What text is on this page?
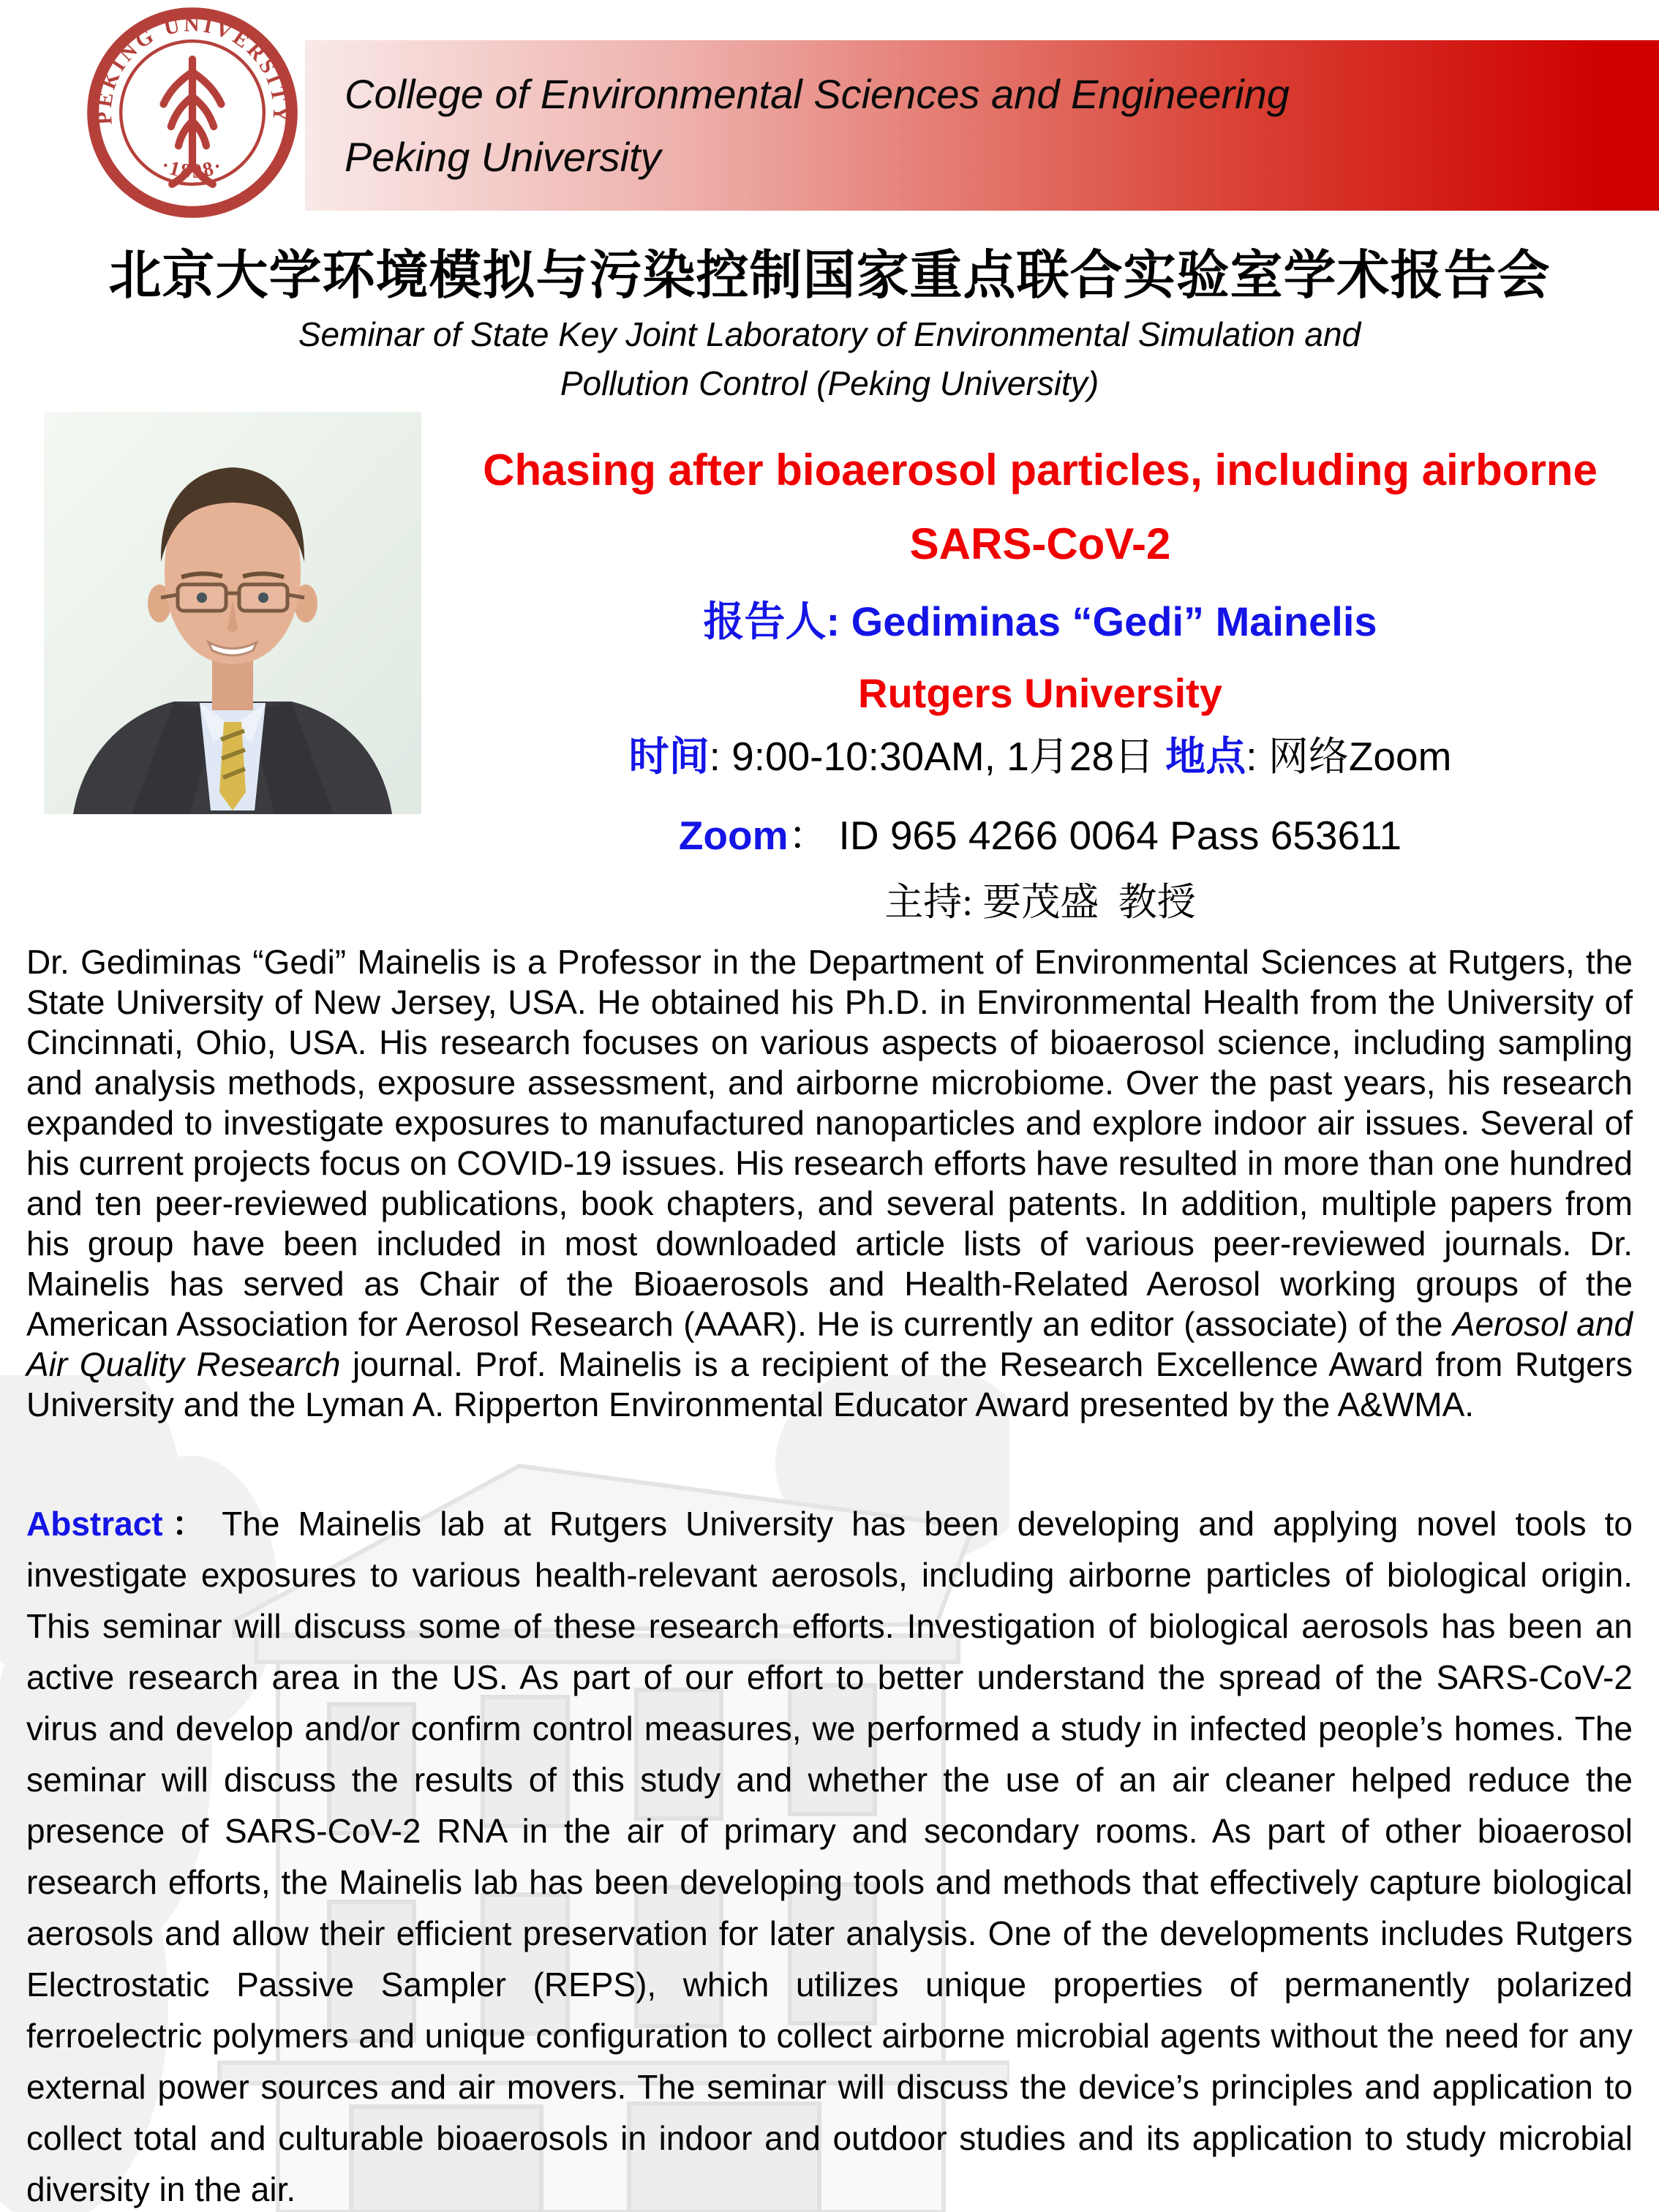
PEKING UNIVERSITY
·1898·
College of Environmental Sciences and Engineering
Peking University
北京大学环境模拟与污染控制国家重点联合实验室学术报告会
Seminar of State Key Joint Laboratory of Environmental Simulation and
Pollution Control (Peking University)
Chasing after bioaerosol particles, including airborne
SARS-CoV-2
报告人: Gediminas “Gedi” Mainelis
Rutgers University
时间: 9:00-10:30AM, 1月28日 地点: 网络Zoom
Zoom： ID 965 4266 0064 Pass 653611
主持: 要茂盛  教授
Dr. Gediminas “Gedi” Mainelis is a Professor in the Department of Environmental Sciences at Rutgers, the State University of New Jersey, USA. He obtained his Ph.D. in Environmental Health from the University of Cincinnati, Ohio, USA. His research focuses on various aspects of bioaerosol science, including sampling and analysis methods, exposure assessment, and airborne microbiome. Over the past years, his research expanded to investigate exposures to manufactured nanoparticles and explore indoor air issues. Several of his current projects focus on COVID-19 issues. His research efforts have resulted in more than one hundred and ten peer-reviewed publications, book chapters, and several patents. In addition, multiple papers from his group have been included in most downloaded article lists of various peer-reviewed journals. Dr. Mainelis has served as Chair of the Bioaerosols and Health-Related Aerosol working groups of the American Association for Aerosol Research (AAAR). He is currently an editor (associate) of the Aerosol and Air Quality Research journal. Prof. Mainelis is a recipient of the Research Excellence Award from Rutgers University and the Lyman A. Ripperton Environmental Educator Award presented by the A&WMA.
Abstract： The Mainelis lab at Rutgers University has been developing and applying novel tools to investigate exposures to various health-relevant aerosols, including airborne particles of biological origin. This seminar will discuss some of these research efforts. Investigation of biological aerosols has been an active research area in the US. As part of our effort to better understand the spread of the SARS-CoV-2 virus and develop and/or confirm control measures, we performed a study in infected people’s homes. The seminar will discuss the results of this study and whether the use of an air cleaner helped reduce the presence of SARS-CoV-2 RNA in the air of primary and secondary rooms. As part of other bioaerosol research efforts, the Mainelis lab has been developing tools and methods that effectively capture biological aerosols and allow their efficient preservation for later analysis. One of the developments includes Rutgers Electrostatic Passive Sampler (REPS), which utilizes unique properties of permanently polarized ferroelectric polymers and unique configuration to collect airborne microbial agents without the need for any external power sources and air movers. The seminar will discuss the device’s principles and application to collect total and culturable bioaerosols in indoor and outdoor studies and its application to study microbial diversity in the air.
